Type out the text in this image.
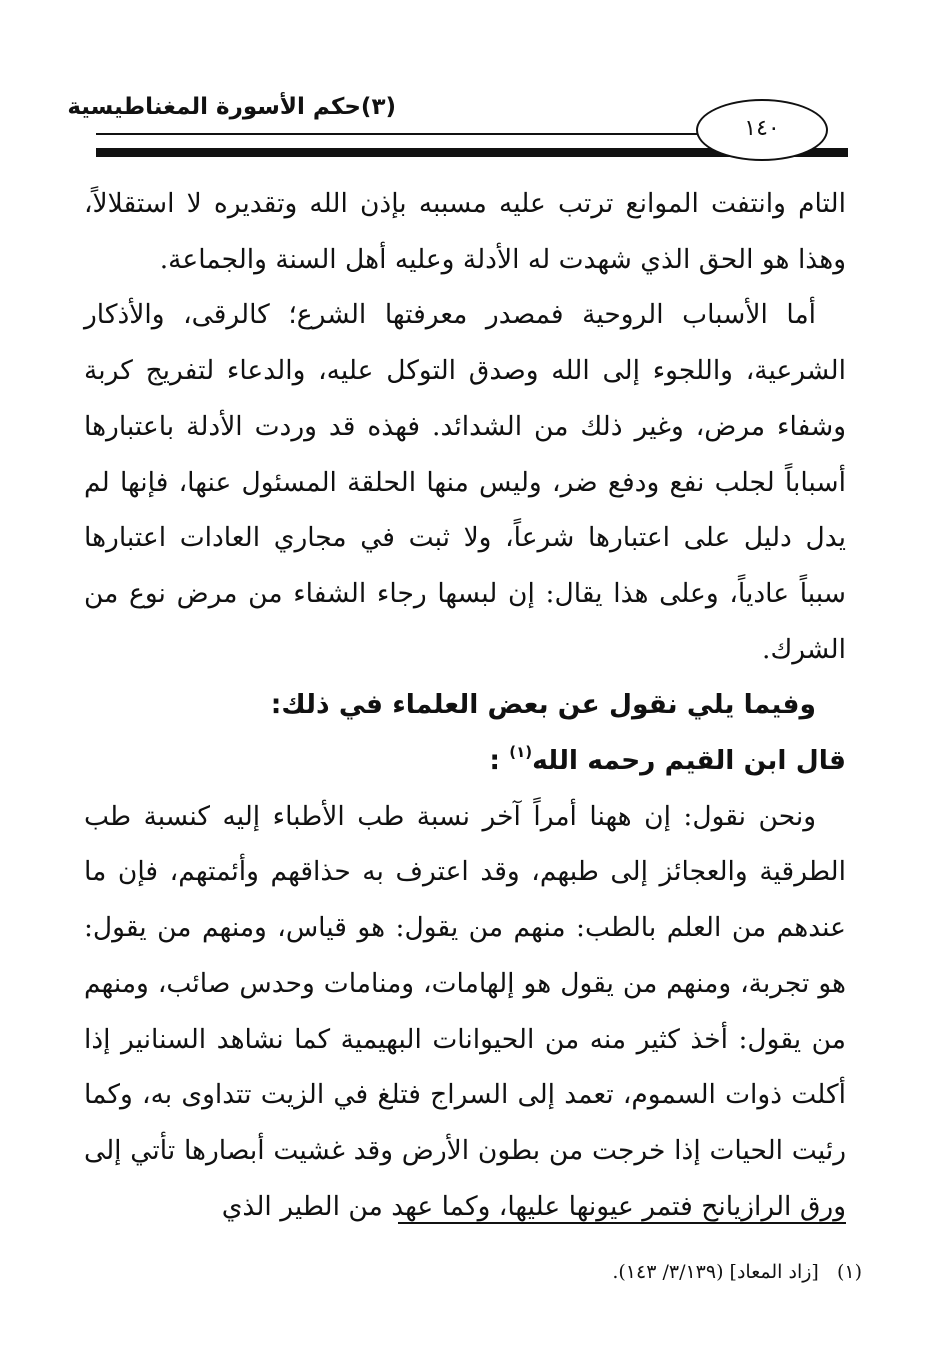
(٣)حكم الأسورة المغناطيسية
١٤٠

التام وانتفت الموانع ترتب عليه مسببه بإذن الله وتقديره لا استقلالاً، وهذا هو الحق الذي شهدت له الأدلة وعليه أهل السنة والجماعة.

أما الأسباب الروحية فمصدر معرفتها الشرع؛ كالرقى، والأذكار الشرعية، واللجوء إلى الله وصدق التوكل عليه، والدعاء لتفريج كربة وشفاء مرض، وغير ذلك من الشدائد. فهذه قد وردت الأدلة باعتبارها أسباباً لجلب نفع ودفع ضر، وليس منها الحلقة المسئول عنها، فإنها لم يدل دليل على اعتبارها شرعاً، ولا ثبت في مجاري العادات اعتبارها سبباً عادياً، وعلى هذا يقال: إن لبسها رجاء الشفاء من مرض نوع من الشرك.

وفيما يلي نقول عن بعض العلماء في ذلك:

قال ابن القيم رحمه الله$^{(١)}$ :

ونحن نقول: إن ههنا أمراً آخر نسبة طب الأطباء إليه كنسبة طب الطرقية والعجائز إلى طبهم، وقد اعترف به حذاقهم وأئمتهم، فإن ما عندهم من العلم بالطب: منهم من يقول: هو قياس، ومنهم من يقول: هو تجربة، ومنهم من يقول هو إلهامات، ومنامات وحدس صائب، ومنهم من يقول: أخذ كثير منه من الحيوانات البهيمية كما نشاهد السنانير إذا أكلت ذوات السموم، تعمد إلى السراج فتلغ في الزيت تتداوى به، وكما رئيت الحيات إذا خرجت من بطون الأرض وقد غشيت أبصارها تأتي إلى ورق الرازيانح فتمر عيونها عليها، وكما عهد من الطير الذي

(١)   [زاد المعاد] (٣/١٣٩/ ١٤٣).
